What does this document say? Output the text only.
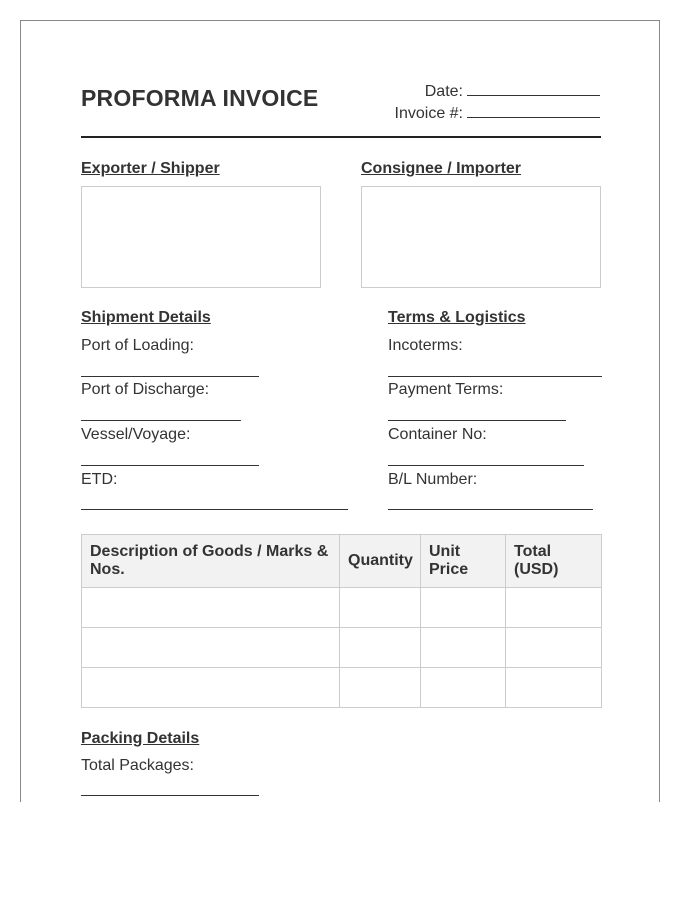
PROFORMA INVOICE	Date:
Invoice #:
Exporter / Shipper	Consignee / Importer
Shipment Details
Port of Loading:
Port of Discharge:
Vessel/Voyage:
ETD:
Terms & Logistics
Incoterms:
Payment Terms:
Container No:
B/L Number:
Description of Goods / Marks & Nos.	Quantity	Unit Price	Total (USD)

Packing Details
Total Packages:
